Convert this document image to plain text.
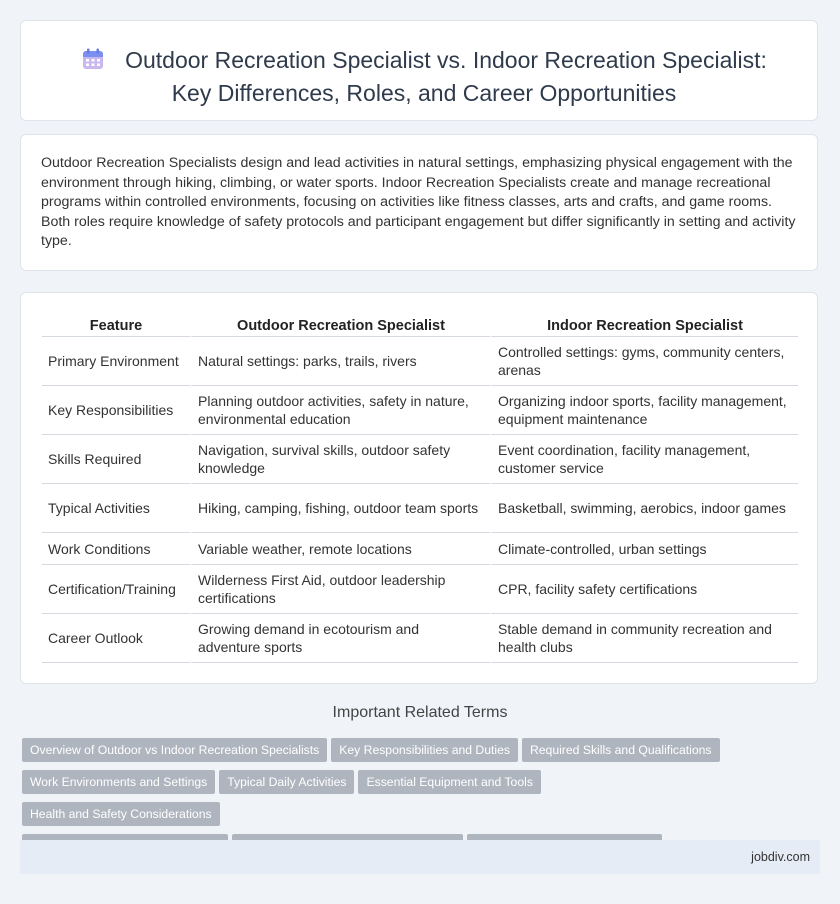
Outdoor Recreation Specialist vs. Indoor Recreation Specialist:
Key Differences, Roles, and Career Opportunities
Outdoor Recreation Specialists design and lead activities in natural settings, emphasizing physical engagement with the environment through hiking, climbing, or water sports. Indoor Recreation Specialists create and manage recreational programs within controlled environments, focusing on activities like fitness classes, arts and crafts, and game rooms. Both roles require knowledge of safety protocols and participant engagement but differ significantly in setting and activity type.
Feature	Outdoor Recreation Specialist	Indoor Recreation Specialist
Primary Environment	Natural settings: parks, trails, rivers	Controlled settings: gyms, community centers, arenas
Key Responsibilities	Planning outdoor activities, safety in nature, environmental education	Organizing indoor sports, facility management, equipment maintenance
Skills Required	Navigation, survival skills, outdoor safety knowledge	Event coordination, facility management, customer service
Typical Activities	Hiking, camping, fishing, outdoor team sports	Basketball, swimming, aerobics, indoor games
Work Conditions	Variable weather, remote locations	Climate-controlled, urban settings
Certification/Training	Wilderness First Aid, outdoor leadership certifications	CPR, facility safety certifications
Career Outlook	Growing demand in ecotourism and adventure sports	Stable demand in community recreation and health clubs
Important Related Terms
Overview of Outdoor vs Indoor Recreation Specialists Key Responsibilities and Duties Required Skills and Qualifications
Work Environments and Settings Typical Daily Activities Essential Equipment and ToolsHealth and Safety Considerations

jobdiv.com
